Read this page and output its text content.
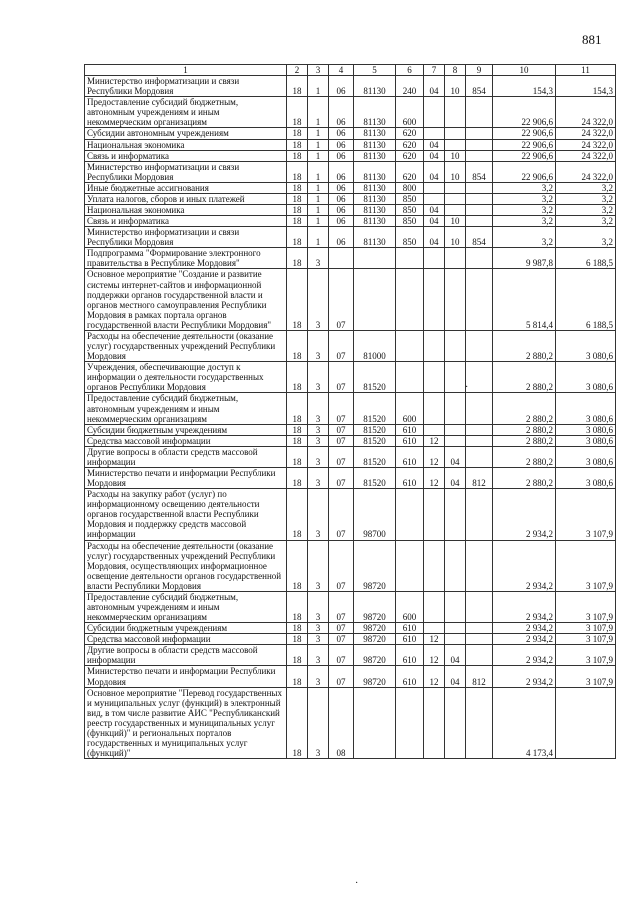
881
1	2	3	4	5	6	7	8	9	10	11
Министерство информатизации и связи Республики Мордовия	18	1	06	81130	240	04	10	854	154,3	154,3
Предоставление субсидий бюджетным, автономным учреждениям и иным некоммерческим организациям	18	1	06	81130	600				22 906,6	24 322,0
Субсидии автономным учреждениям	18	1	06	81130	620				22 906,6	24 322,0
Национальная экономика	18	1	06	81130	620	04			22 906,6	24 322,0
Связь и информатика	18	1	06	81130	620	04	10		22 906,6	24 322,0
Министерство информатизации и связи Республики Мордовия	18	1	06	81130	620	04	10	854	22 906,6	24 322,0
Иные бюджетные ассигнования	18	1	06	81130	800				3,2	3,2
Уплата налогов, сборов и иных платежей	18	1	06	81130	850				3,2	3,2
Национальная экономика	18	1	06	81130	850	04			3,2	3,2
Связь и информатика	18	1	06	81130	850	04	10		3,2	3,2
Министерство информатизации и связи Республики Мордовия	18	1	06	81130	850	04	10	854	3,2	3,2
Подпрограмма "Формирование электронного правительства в Республике Мордовия"	18	3							9 987,8	6 188,5
Основное мероприятие "Создание и развитие системы интернет-сайтов и информационной поддержки органов государственной власти и органов местного самоуправления Республики Мордовия в рамках портала органов государственной власти Республики Мордовия"	18	3	07						5 814,4	6 188,5
Расходы на обеспечение деятельности (оказание услуг) государственных учреждений Республики Мордовия	18	3	07	81000					2 880,2	3 080,6
Учреждения, обеспечивающие доступ к информации о деятельности государственных органов Республики Мордовия	18	3	07	81520					2 880,2	3 080,6
Предоставление субсидий бюджетным, автономным учреждениям и иным некоммерческим организациям	18	3	07	81520	600				2 880,2	3 080,6
Субсидии бюджетным учреждениям	18	3	07	81520	610				2 880,2	3 080,6
Средства массовой информации	18	3	07	81520	610	12			2 880,2	3 080,6
Другие вопросы в области средств массовой информации	18	3	07	81520	610	12	04		2 880,2	3 080,6
Министерство печати и информации Республики Мордовия	18	3	07	81520	610	12	04	812	2 880,2	3 080,6
Расходы на закупку работ (услуг) по информационному освещению деятельности органов государственной власти Республики Мордовия и поддержку средств массовой информации	18	3	07	98700					2 934,2	3 107,9
Расходы на обеспечение деятельности (оказание услуг) государственных учреждений Республики Мордовия, осуществляющих информационное освещение деятельности органов государственной власти Республики Мордовия	18	3	07	98720					2 934,2	3 107,9
Предоставление субсидий бюджетным, автономным учреждениям и иным некоммерческим организациям	18	3	07	98720	600				2 934,2	3 107,9
Субсидии бюджетным учреждениям	18	3	07	98720	610				2 934,2	3 107,9
Средства массовой информации	18	3	07	98720	610	12			2 934,2	3 107,9
Другие вопросы в области средств массовой информации	18	3	07	98720	610	12	04		2 934,2	3 107,9
Министерство печати и информации Республики Мордовия	18	3	07	98720	610	12	04	812	2 934,2	3 107,9
Основное мероприятие "Перевод государственных и муниципальных услуг (функций) в электронный вид, в том числе развитие АИС "Республиканский реестр государственных и муниципальных услуг (функций)" и региональных порталов государственных и муниципальных услуг (функций)"	18	3	08						4 173,4	
·
·
